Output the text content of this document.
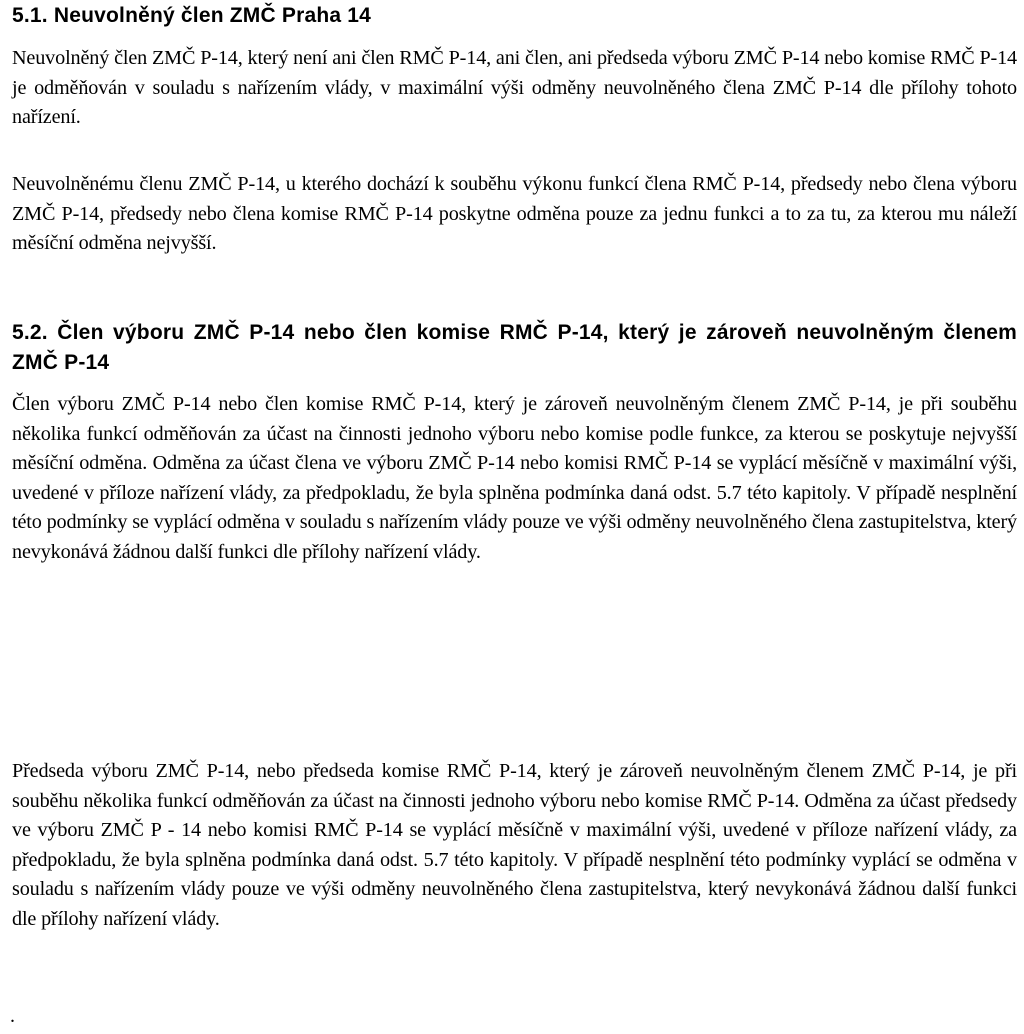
5.1. Neuvolněný člen ZMČ Praha 14

Neuvolněný člen ZMČ P-14, který není ani člen RMČ P-14, ani člen, ani předseda výboru ZMČ P-14 nebo komise RMČ P-14 je odměňován v souladu s nařízením vlády, v maximální výši odměny neuvolněného člena ZMČ P-14 dle přílohy tohoto nařízení.

Neuvolněnému členu ZMČ P-14, u kterého dochází k souběhu výkonu funkcí člena RMČ P-14, předsedy nebo člena výboru ZMČ P-14, předsedy nebo člena komise RMČ P-14 poskytne odměna pouze za jednu funkci a to za tu, za kterou mu náleží měsíční odměna nejvyšší.

5.2. Člen výboru ZMČ P-14 nebo člen komise RMČ P-14, který je zároveň neuvolněným členem ZMČ P-14

Člen výboru ZMČ P-14 nebo člen komise RMČ P-14, který je zároveň neuvolněným členem ZMČ P-14, je při souběhu několika funkcí odměňován za účast na činnosti jednoho výboru nebo komise podle funkce, za kterou se poskytuje nejvyšší měsíční odměna. Odměna za účast člena ve výboru ZMČ P-14 nebo komisi RMČ P-14 se vyplácí měsíčně v maximální výši, uvedené v příloze nařízení vlády, za předpokladu, že byla splněna podmínka daná odst. 5.7 této kapitoly. V případě nesplnění této podmínky se vyplácí odměna v souladu s nařízením vlády pouze ve výši odměny neuvolněného člena zastupitelstva, který nevykonává žádnou další funkci dle přílohy nařízení vlády.

Předseda výboru ZMČ P-14, nebo předseda komise RMČ P-14, který je zároveň neuvolněným členem ZMČ P-14, je při souběhu několika funkcí odměňován za účast na činnosti jednoho výboru nebo komise RMČ P-14. Odměna za účast předsedy ve výboru ZMČ P - 14 nebo komisi RMČ P-14 se vyplácí měsíčně v maximální výši, uvedené v příloze nařízení vlády, za předpokladu, že byla splněna podmínka daná odst. 5.7 této kapitoly. V případě nesplnění této podmínky vyplácí se odměna v souladu s nařízením vlády pouze ve výši odměny neuvolněného člena zastupitelstva, který nevykonává žádnou další funkci dle přílohy nařízení vlády.

.
